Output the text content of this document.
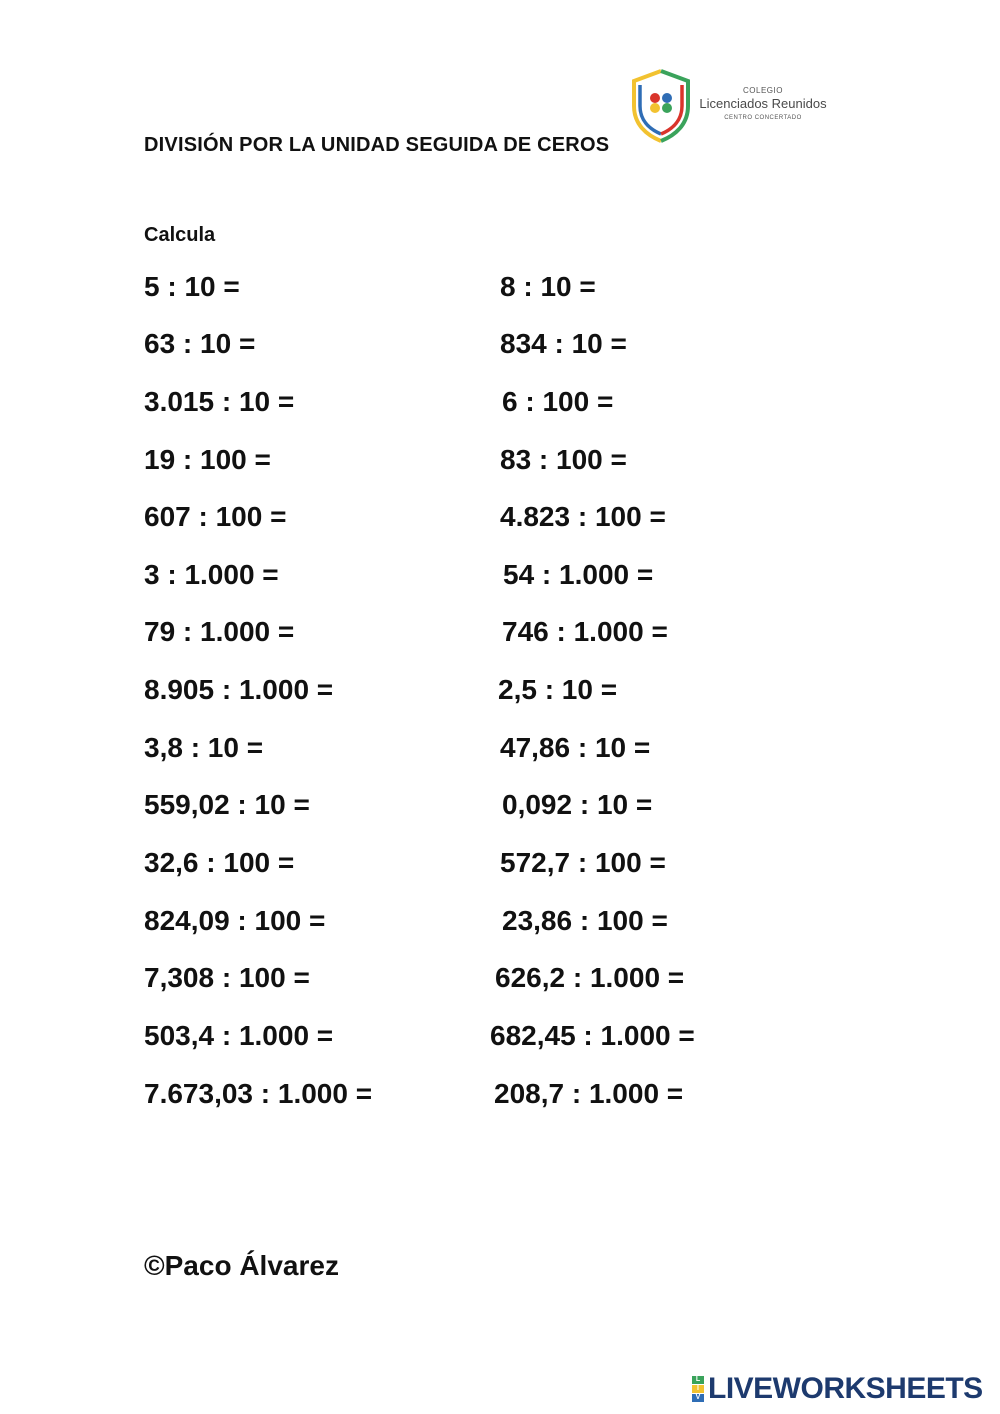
COLEGIO
Licenciados Reunidos
CENTRO CONCERTADO
DIVISIÓN POR LA UNIDAD SEGUIDA DE CEROS
Calcula
5 : 10 =
63 : 10 =
3.015 : 10 =
19 : 100 =
607 : 100 =
3 : 1.000 =
79 : 1.000 =
8.905 : 1.000 =
3,8 : 10 =
559,02 : 10 =
32,6 : 100 =
824,09 : 100 =
7,308 : 100 =
503,4 : 1.000 =
7.673,03 : 1.000 =
8 : 10 =
834 : 10 =
6 : 100 =
83 : 100 =
4.823 : 100 =
54 : 1.000 =
746 : 1.000 =
2,5 : 10 =
47,86 : 10 =
0,092 : 10 =
572,7 : 100 =
23,86 : 100 =
626,2 : 1.000 =
682,45 : 1.000 =
208,7 : 1.000 =
©Paco Álvarez
L
I
V LIVEWORKSHEETS
